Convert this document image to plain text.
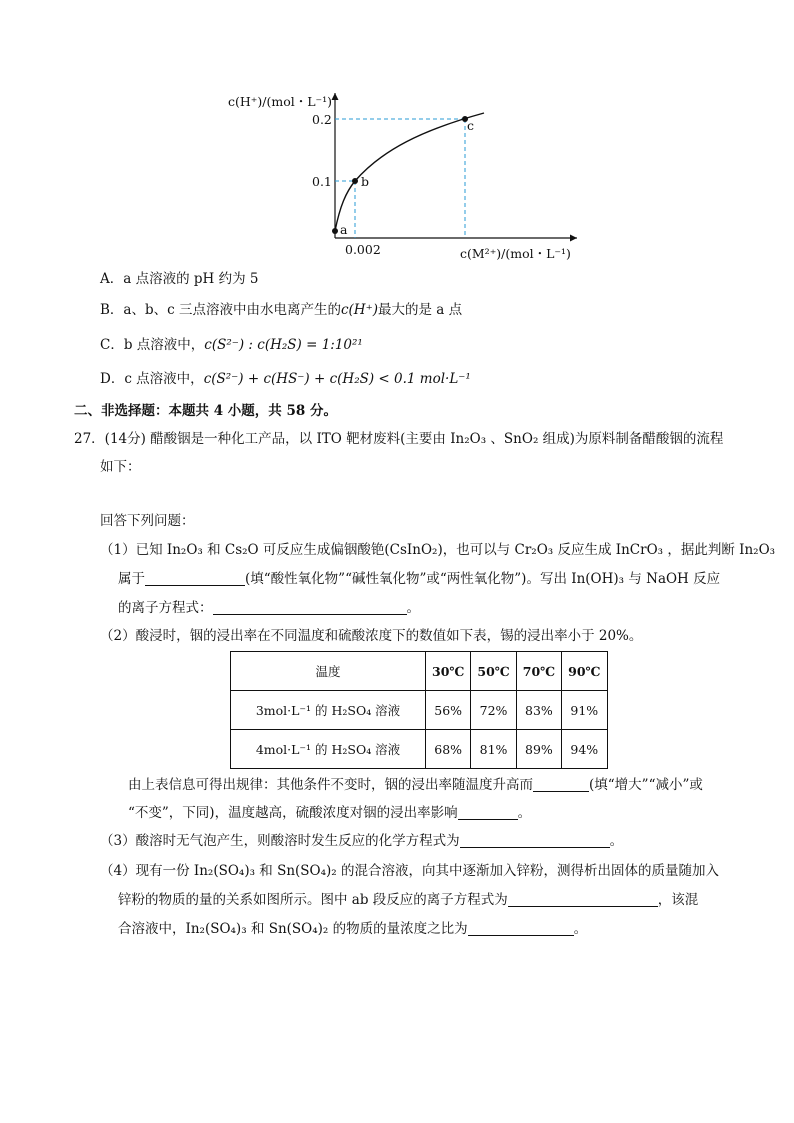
a
b
c
c(H⁺)/(mol・L⁻¹)
0.2
0.1
0.002	c(M²⁺)/(mol・L⁻¹)
A．a 点溶液的 pH 约为 5
B．a、b、c 三点溶液中由水电离产生的c(H⁺)最大的是 a 点
C．b 点溶液中，c(S²⁻) : c(H₂S) = 1:10²¹
D．c 点溶液中，c(S²⁻) + c(HS⁻) + c(H₂S) < 0.1 mol·L⁻¹
二、非选择题：本题共 4 小题，共 58 分。
27．(14分) 醋酸铟是一种化工产品，以 ITO 靶材废料(主要由 In₂O₃ 、SnO₂ 组成)为原料制备醋酸铟的流程
如下：
回答下列问题：
（1）已知 In₂O₃ 和 Cs₂O 可反应生成偏铟酸铯(CsInO₂)，也可以与 Cr₂O₃ 反应生成 InCrO₃ ，据此判断 In₂O₃
属于	(填“酸性氧化物”“碱性氧化物”或“两性氧化物”)。写出 In(OH)₃ 与 NaOH 反应
的离子方程式：	。
（2）酸浸时，铟的浸出率在不同温度和硫酸浓度下的数值如下表，锡的浸出率小于 20%。
温度	30℃	50℃	70℃	90℃
3mol·L⁻¹ 的 H₂SO₄ 溶液	56%	72%	83%	91%
4mol·L⁻¹ 的 H₂SO₄ 溶液	68%	81%	89%	94%
由上表信息可得出规律：其他条件不变时，铟的浸出率随温度升高而	(填“增大”“减小”或
“不变”，下同)，温度越高，硫酸浓度对铟的浸出率影响	。
（3）酸溶时无气泡产生，则酸溶时发生反应的化学方程式为	。
（4）现有一份 In₂(SO₄)₃ 和 Sn(SO₄)₂ 的混合溶液，向其中逐渐加入锌粉，测得析出固体的质量随加入
锌粉的物质的量的关系如图所示。图中 ab 段反应的离子方程式为	，该混
合溶液中，In₂(SO₄)₃ 和 Sn(SO₄)₂ 的物质的量浓度之比为	。
